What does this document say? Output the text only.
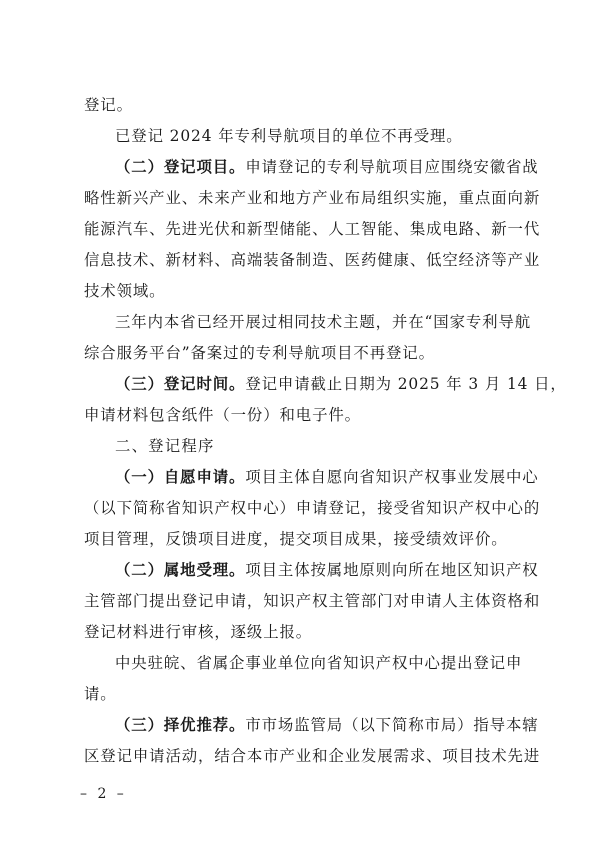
登记。
已登记 2024 年专利导航项目的单位不再受理。
（二）登记项目。申请登记的专利导航项目应围绕安徽省战
略性新兴产业、未来产业和地方产业布局组织实施，重点面向新
能源汽车、先进光伏和新型储能、人工智能、集成电路、新一代
信息技术、新材料、高端装备制造、医药健康、低空经济等产业
技术领域。
三年内本省已经开展过相同技术主题，并在“国家专利导航
综合服务平台”备案过的专利导航项目不再登记。
（三）登记时间。登记申请截止日期为 2025 年 3 月 14 日，
申请材料包含纸件（一份）和电子件。
二、登记程序
（一）自愿申请。项目主体自愿向省知识产权事业发展中心
（以下简称省知识产权中心）申请登记，接受省知识产权中心的
项目管理，反馈项目进度，提交项目成果，接受绩效评价。
（二）属地受理。项目主体按属地原则向所在地区知识产权
主管部门提出登记申请，知识产权主管部门对申请人主体资格和
登记材料进行审核，逐级上报。
中央驻皖、省属企事业单位向省知识产权中心提出登记申
请。
（三）择优推荐。市市场监管局（以下简称市局）指导本辖
区登记申请活动，结合本市产业和企业发展需求、项目技术先进
– 2 –
